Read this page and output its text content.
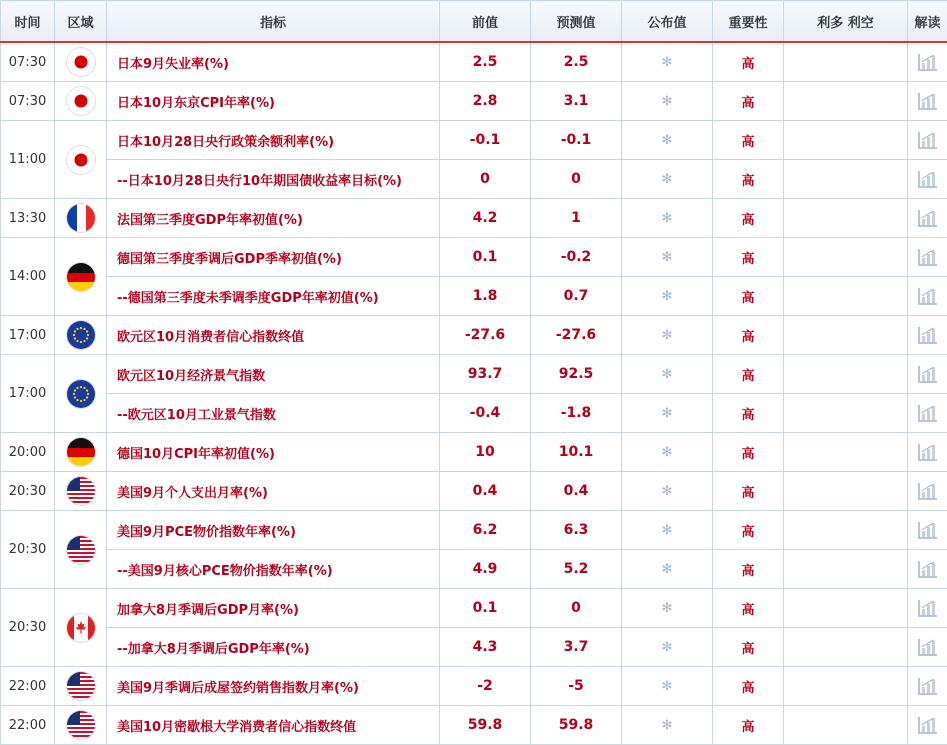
时间	区域	指标	前值	预测值	公布值	重要性	利多 利空	解读
07:30		日本9月失业率(%)	2.5	2.5	✻	高		
07:30		日本10月东京CPI年率(%)	2.8	3.1	✻	高		
11:00		日本10月28日央行政策余额利率(%)	-0.1	-0.1	✻	高		
		--日本10月28日央行10年期国债收益率目标(%)	0	0	✻	高		
13:30		法国第三季度GDP年率初值(%)	4.2	1	✻	高		
14:00		德国第三季度季调后GDP季率初值(%)	0.1	-0.2	✻	高		
		--德国第三季度未季调季度GDP年率初值(%)	1.8	0.7	✻	高		
17:00		欧元区10月消费者信心指数终值	-27.6	-27.6	✻	高		
17:00		欧元区10月经济景气指数	93.7	92.5	✻	高		
		--欧元区10月工业景气指数	-0.4	-1.8	✻	高		
20:00		德国10月CPI年率初值(%)	10	10.1	✻	高		
20:30		美国9月个人支出月率(%)	0.4	0.4	✻	高		
20:30		美国9月PCE物价指数年率(%)	6.2	6.3	✻	高		
		--美国9月核心PCE物价指数年率(%)	4.9	5.2	✻	高		
20:30		加拿大8月季调后GDP月率(%)	0.1	0	✻	高		
		--加拿大8月季调后GDP年率(%)	4.3	3.7	✻	高		
22:00		美国9月季调后成屋签约销售指数月率(%)	-2	-5	✻	高		
22:00		美国10月密歇根大学消费者信心指数终值	59.8	59.8	✻	高		
